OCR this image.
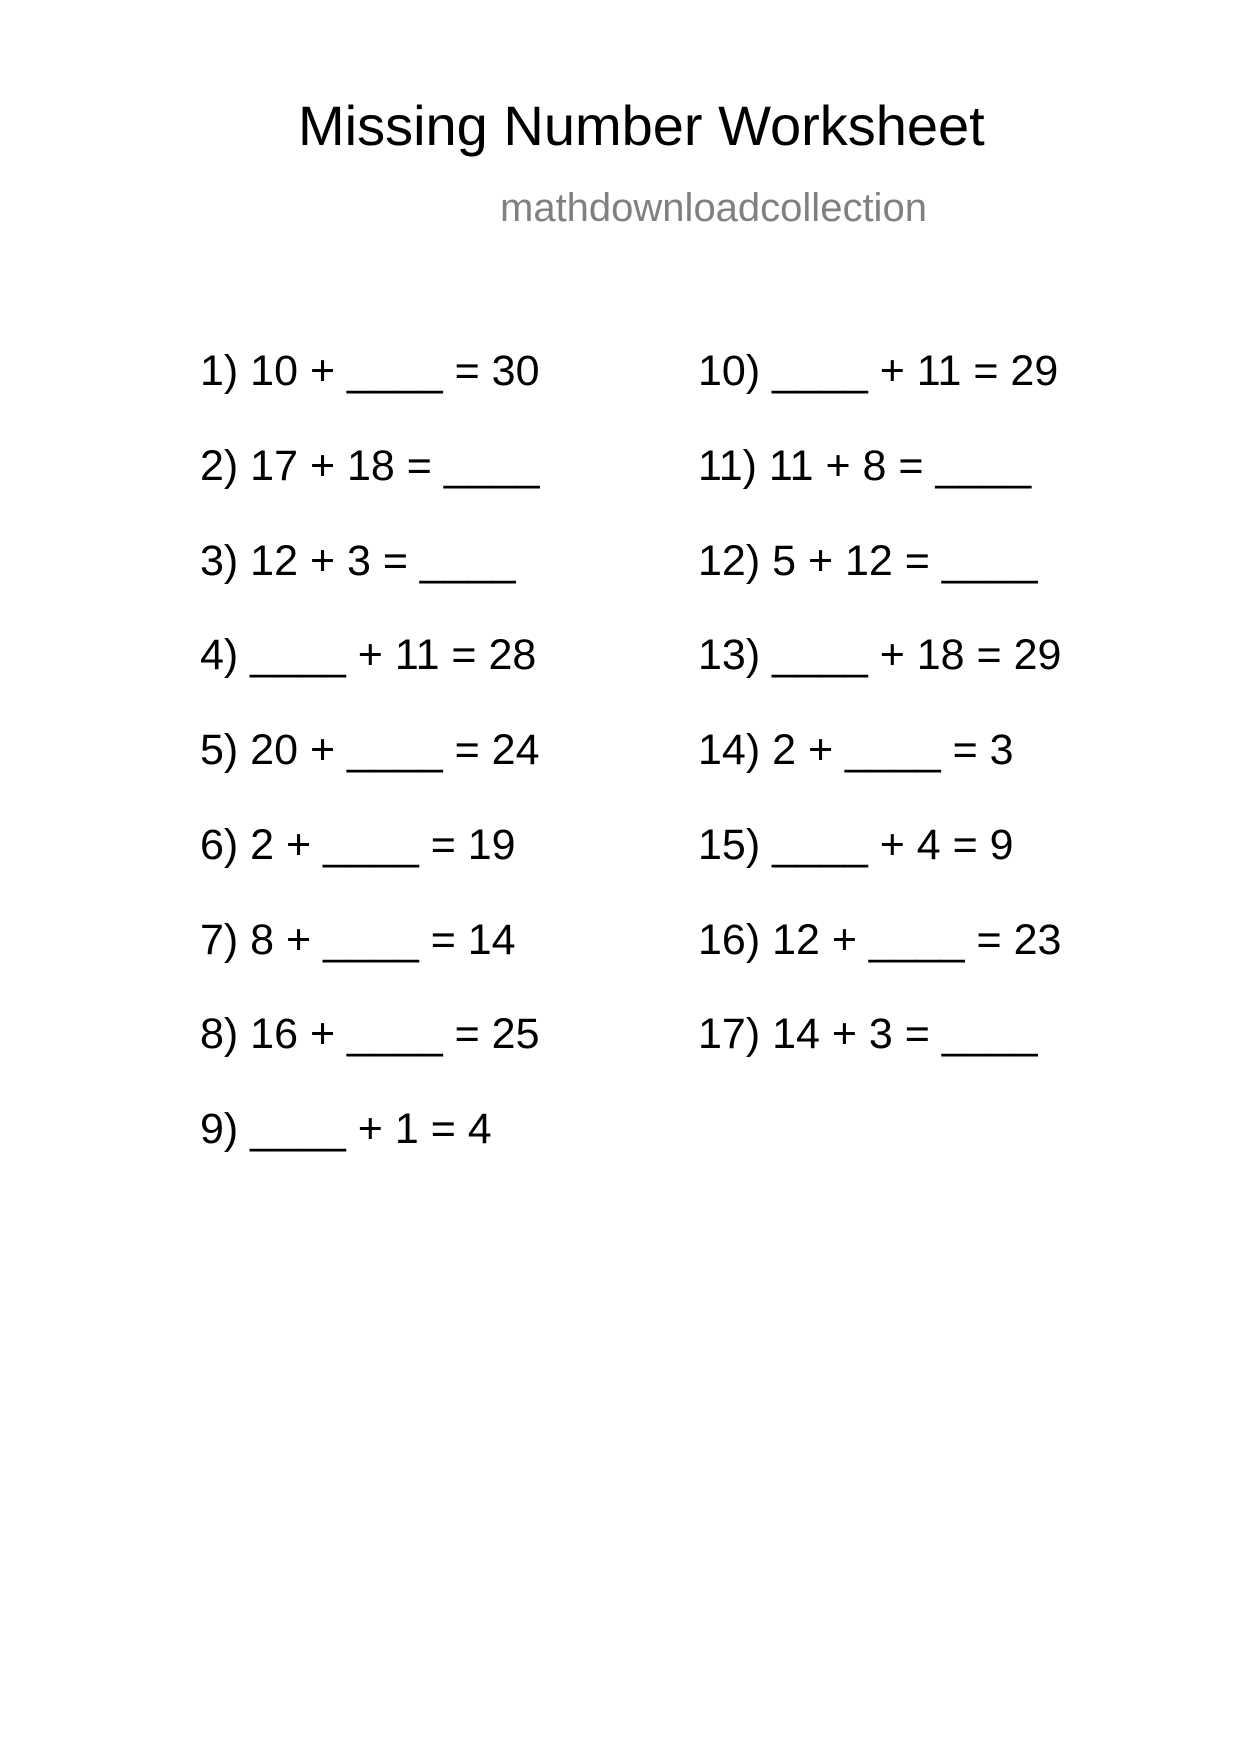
Missing Number Worksheet
mathdownloadcollection
1) 10 + ____ = 30
2) 17 + 18 = ____
3) 12 + 3 = ____
4) ____ + 11 = 28
5) 20 + ____ = 24
6) 2 + ____ = 19
7) 8 + ____ = 14
8) 16 + ____ = 25
9) ____ + 1 = 4
10) ____ + 11 = 29
11) 11 + 8 = ____
12) 5 + 12 = ____
13) ____ + 18 = 29
14) 2 + ____ = 3
15) ____ + 4 = 9
16) 12 + ____ = 23
17) 14 + 3 = ____
